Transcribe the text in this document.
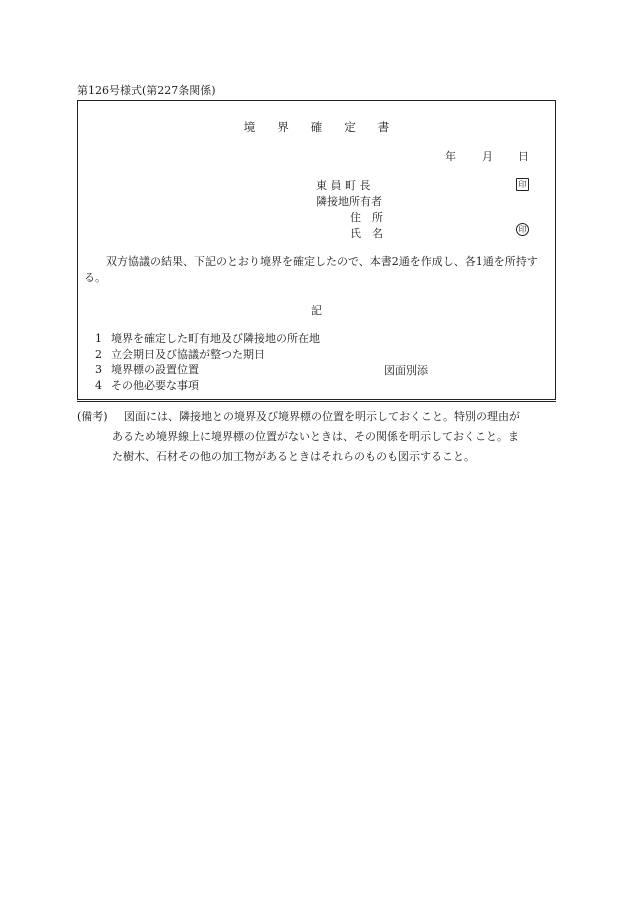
第126号様式(第227条関係)
境界確定書
年 月 日
東 員 町 長
隣接地所有者
住　所
氏　名
印
印
双方協議の結果、下記のとおり境界を確定したので、本書2通を作成し、各1通を所持する。
記
1 境界を確定した町有地及び隣接地の所在地
2 立会期日及び協議が整つた期日
3 境界標の設置位置
4 その他必要な事項
図面別添
(備考)	図面には、隣接地との境界及び境界標の位置を明示しておくこと。特別の理由が
あるため境界線上に境界標の位置がないときは、その関係を明示しておくこと。ま
た樹木、石材その他の加工物があるときはそれらのものも図示すること。
